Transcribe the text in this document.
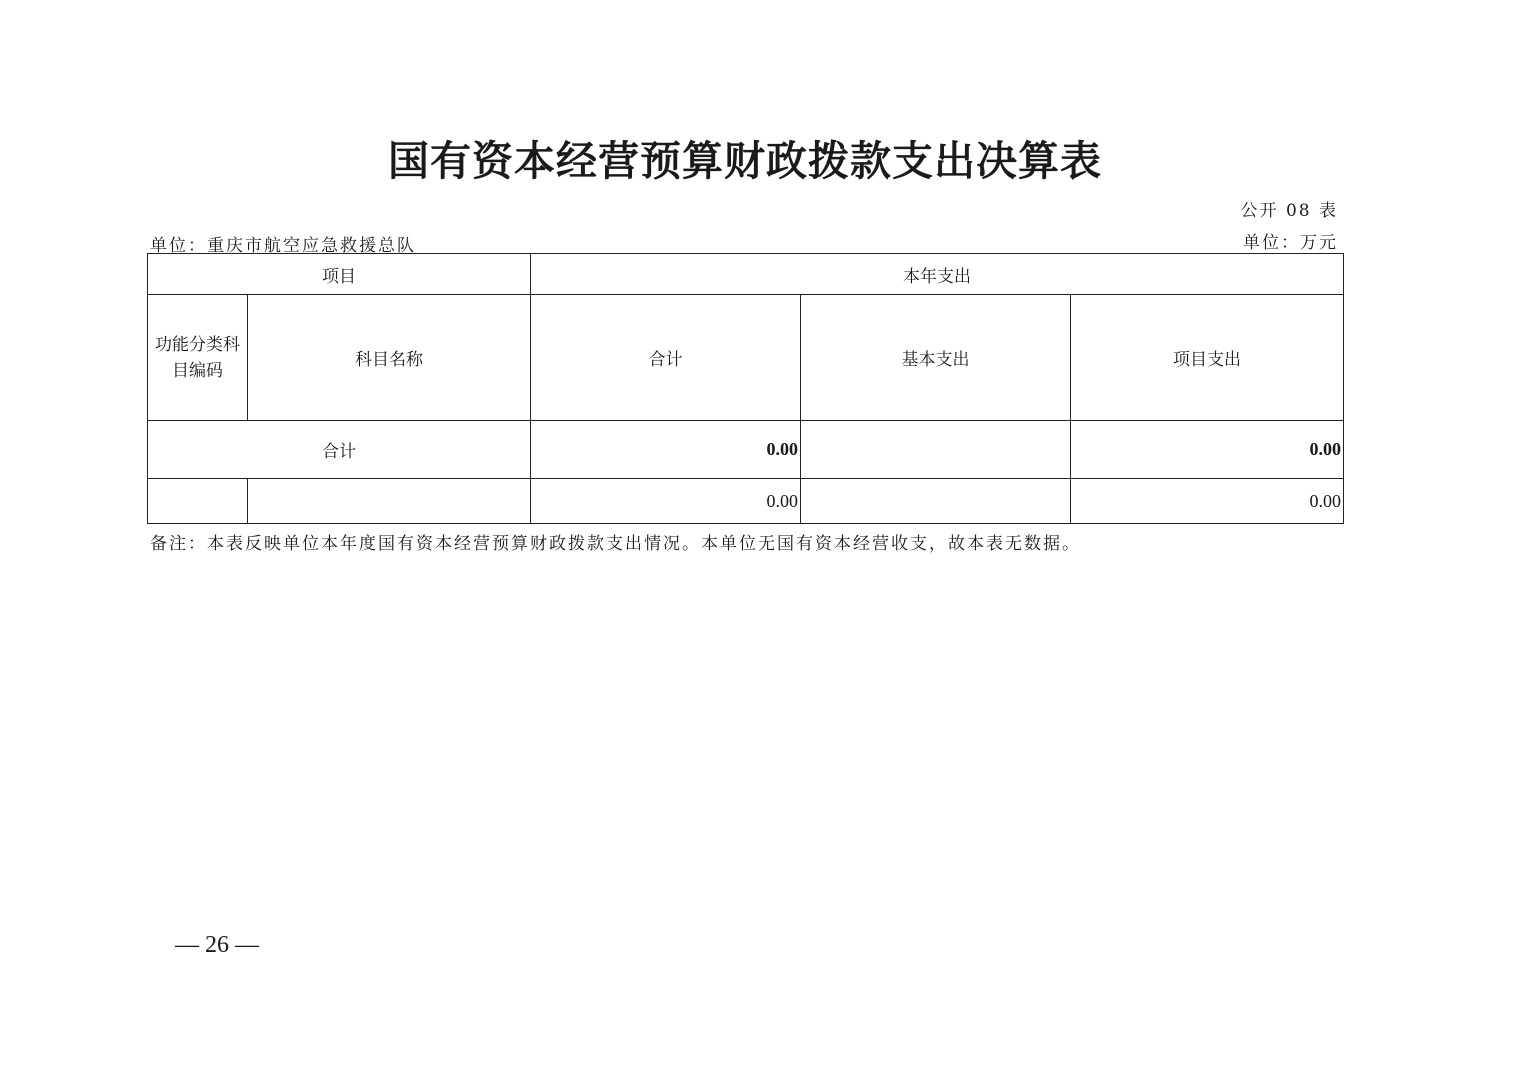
国有资本经营预算财政拨款支出决算表
公开 08 表
单位：重庆市航空应急救援总队	单位：万元
项目		本年支出		
功能分类科目编码	科目名称	合计	基本支出	项目支出
合计		0.00		0.00
		0.00		0.00
备注：本表反映单位本年度国有资本经营预算财政拨款支出情况。本单位无国有资本经营收支，故本表无数据。
— 26 —
